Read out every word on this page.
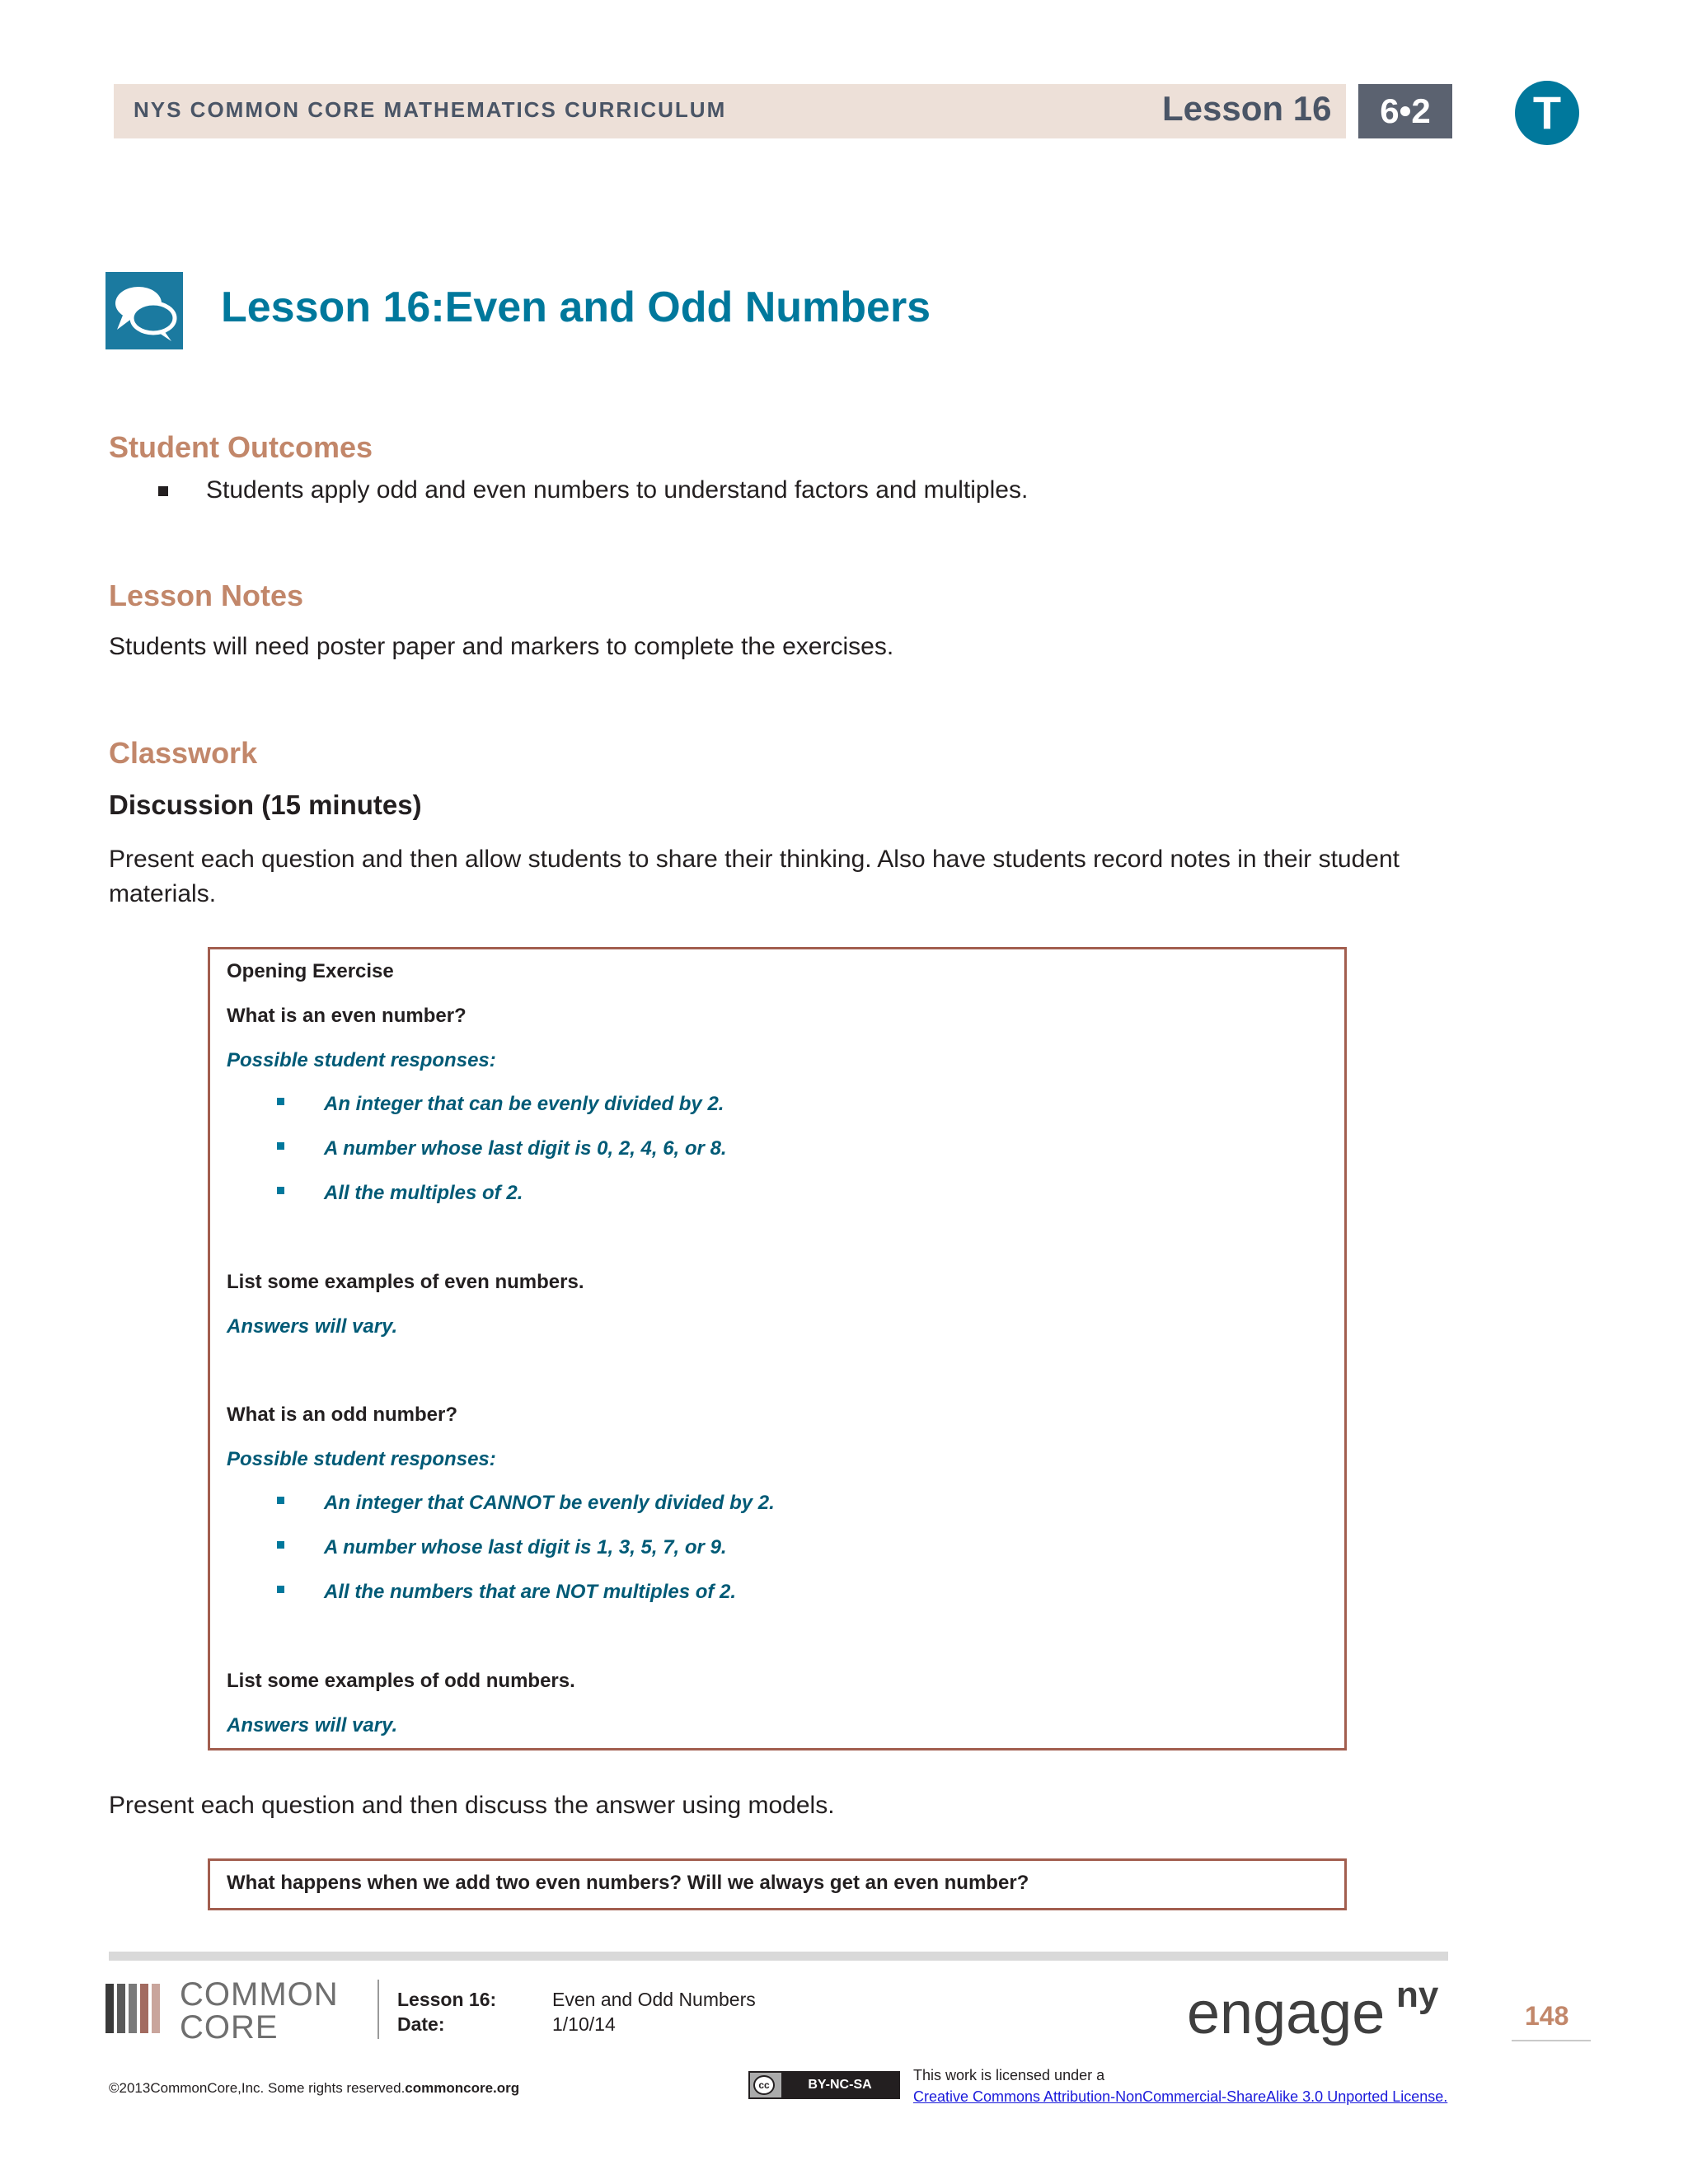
NYS COMMON CORE MATHEMATICS CURRICULUM	Lesson 16	6•2	T
Lesson 16:Even and Odd Numbers
Student Outcomes
Students apply odd and even numbers to understand factors and multiples.
Lesson Notes
Students will need poster paper and markers to complete the exercises.
Classwork
Discussion (15 minutes)
Present each question and then allow students to share their thinking. Also have students record notes in their student
materials.
Opening Exercise
What is an even number?
Possible student responses:
An integer that can be evenly divided by 2.
A number whose last digit is 0, 2, 4, 6, or 8.
All the multiples of 2.
List some examples of even numbers.
Answers will vary.
What is an odd number?
Possible student responses:
An integer that CANNOT be evenly divided by 2.
A number whose last digit is 1, 3, 5, 7, or 9.
All the numbers that are NOT multiples of 2.
List some examples of odd numbers.
Answers will vary.
Present each question and then discuss the answer using models.
What happens when we add two even numbers? Will we always get an even number?
COMMON
CORE
Lesson 16:	Even and Odd Numbers
Date:	1/10/14	engage ny
148
©2013CommonCore,Inc. Some rights reserved.commoncore.org	cc	BY-NC-SA
This work is licensed under a
Creative Commons Attribution-NonCommercial-ShareAlike 3.0 Unported License.
